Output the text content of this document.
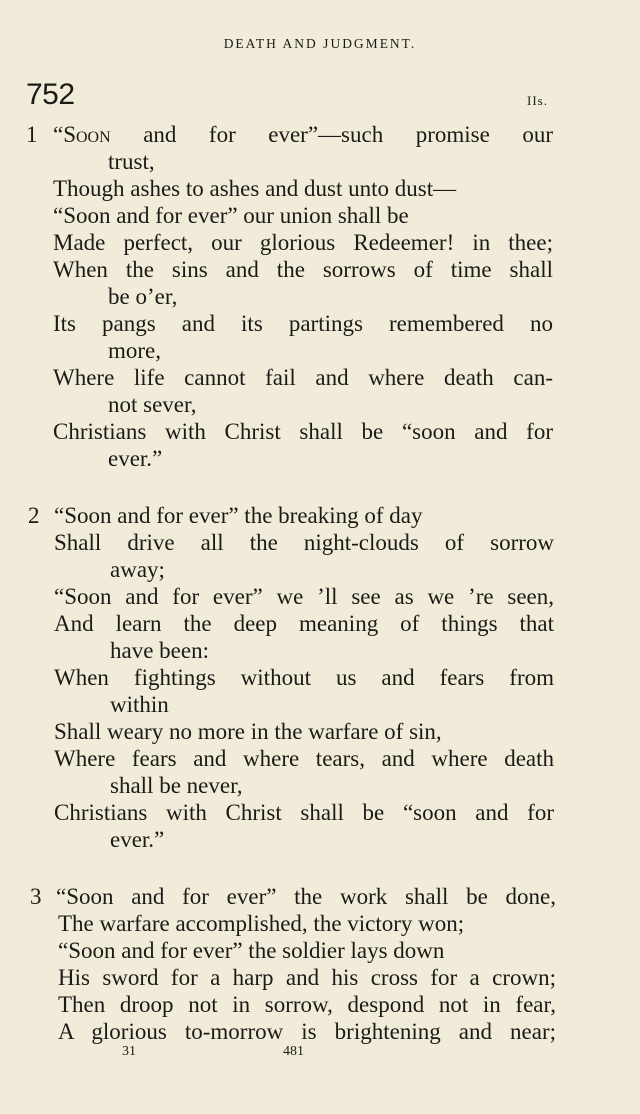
DEATH AND JUDGMENT.
752	IIs.
1 “Soon and for ever”—such promise our
trust,
Though ashes to ashes and dust unto dust—
“Soon and for ever” our union shall be
Made perfect, our glorious Redeemer! in thee;
When the sins and the sorrows of time shall
be o’er,
Its pangs and its partings remembered no
more,
Where life cannot fail and where death can-
not sever,
Christians with Christ shall be “soon and for
ever.”
2 “Soon and for ever” the breaking of day
Shall drive all the night-clouds of sorrow
away;
“Soon and for ever” we ’ll see as we ’re seen,
And learn the deep meaning of things that
have been:
When fightings without us and fears from
within
Shall weary no more in the warfare of sin,
Where fears and where tears, and where death
shall be never,
Christians with Christ shall be “soon and for
ever.”
3 “Soon and for ever” the work shall be done,
The warfare accomplished, the victory won;
“Soon and for ever” the soldier lays down
His sword for a harp and his cross for a crown;
Then droop not in sorrow, despond not in fear,
A glorious to-morrow is brightening and near;
31	481
